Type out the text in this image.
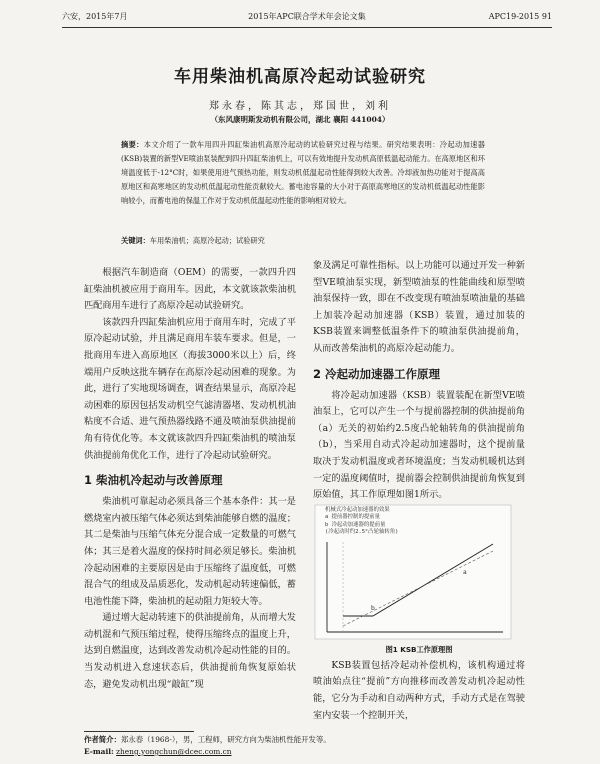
六安，2015年7月	2015年APC联合学术年会论文集	APC19-2015 91
车用柴油机高原冷起动试验研究
郑永春，陈其志，郑国世，刘利
（东风康明斯发动机有限公司，湖北 襄阳 441004）
摘要：本文介绍了一款车用四升四缸柴油机高原冷起动的试验研究过程与结果。研究结果表明：冷起动加速器(KSB)装置的新型VE喷油泵装配到四升四缸柴油机上，可以有效地提升发动机高原低温起动能力。在高原地区和环境温度低于-12°C时，如果使用进气预热功能，则发动机低温起动性能得到较大改善。冷却液加热功能对于提高高原地区和高寒地区的发动机低温起动性能贡献较大。蓄电池容量的大小对于高原高寒地区的发动机低温起动性能影响较小，而蓄电池的保温工作对于发动机低温起动性能的影响相对较大。
关键词：车用柴油机；高原冷起动；试验研究

根据汽车制造商（OEM）的需要，一款四升四缸柴油机被应用于商用车。因此，本文就该款柴油机匹配商用车进行了高原冷起动试验研究。

该款四升四缸柴油机应用于商用车时，完成了平原冷起动试验，并且满足商用车装车要求。但是，一批商用车进入高原地区（海拔3000米以上）后，终端用户反映这批车辆存在高原冷起动困难的现象。为此，进行了实地现场调查，调查结果显示，高原冷起动困难的原因包括发动机空气滤清器堵、发动机机油粘度不合适、进气预热器线路不通及喷油泵供油提前角有待优化等。本文就该款四升四缸柴油机的喷油泵供油提前角优化工作，进行了冷起动试验研究。

1 柴油机冷起动与改善原理

柴油机可靠起动必须具备三个基本条件：其一是燃烧室内被压缩气体必须达到柴油能够自燃的温度；其二是柴油与压缩气体充分混合成一定数量的可燃气体；其三是着火温度的保持时间必须足够长。柴油机冷起动困难的主要原因是由于压缩终了温度低，可燃混合气的组成及品质恶化，发动机起动转速偏低，蓄电池性能下降，柴油机的起动阻力矩较大等。

通过增大起动转速下的供油提前角，从而增大发动机混和气预压缩过程，使得压缩终点的温度上升，达到自燃温度，达到改善发动机冷起动性能的目的。当发动机进入怠速状态后，供油提前角恢复原始状态，避免发动机出现“敲缸”现

象及满足可靠性指标。以上功能可以通过开发一种新型VE喷油泵实现，新型喷油泵的性能曲线和原型喷油泵保持一致，即在不改变现有喷油泵喷油量的基础上加装冷起动加速器（KSB）装置，通过加装的KSB装置来调整低温条件下的喷油泵供油提前角，从而改善柴油机的高原冷起动能力。

2 冷起动加速器工作原理

将冷起动加速器（KSB）装置装配在新型VE喷油泵上，它可以产生一个与提前器控制的供油提前角（a）无关的初始约2.5度凸轮轴转角的供油提前角（b），当采用自动式冷起动加速器时，这个提前量取决于发动机温度或者环境温度；当发动机暖机达到一定的温度阈值时，提前器会控制供油提前角恢复到原始值，其工作原理如图1所示。

b
a
机械式冷起动加速器的效果
a 提前器控制的提前量
b 冷起动加速器的提前量
(冷起动时约2.5°凸轮轴转角)
图1 KSB工作原理图

KSB装置包括冷起动补偿机构，该机构通过将喷油始点往“提前”方向推移而改善发动机冷起动性能，它分为手动和自动两种方式，手动方式是在驾驶室内安装一个控制开关，

作者简介：郑永春（1968-），男，工程师，研究方向为柴油机性能开发等。
E-mail: zheng.yongchun@dcec.com.cn
